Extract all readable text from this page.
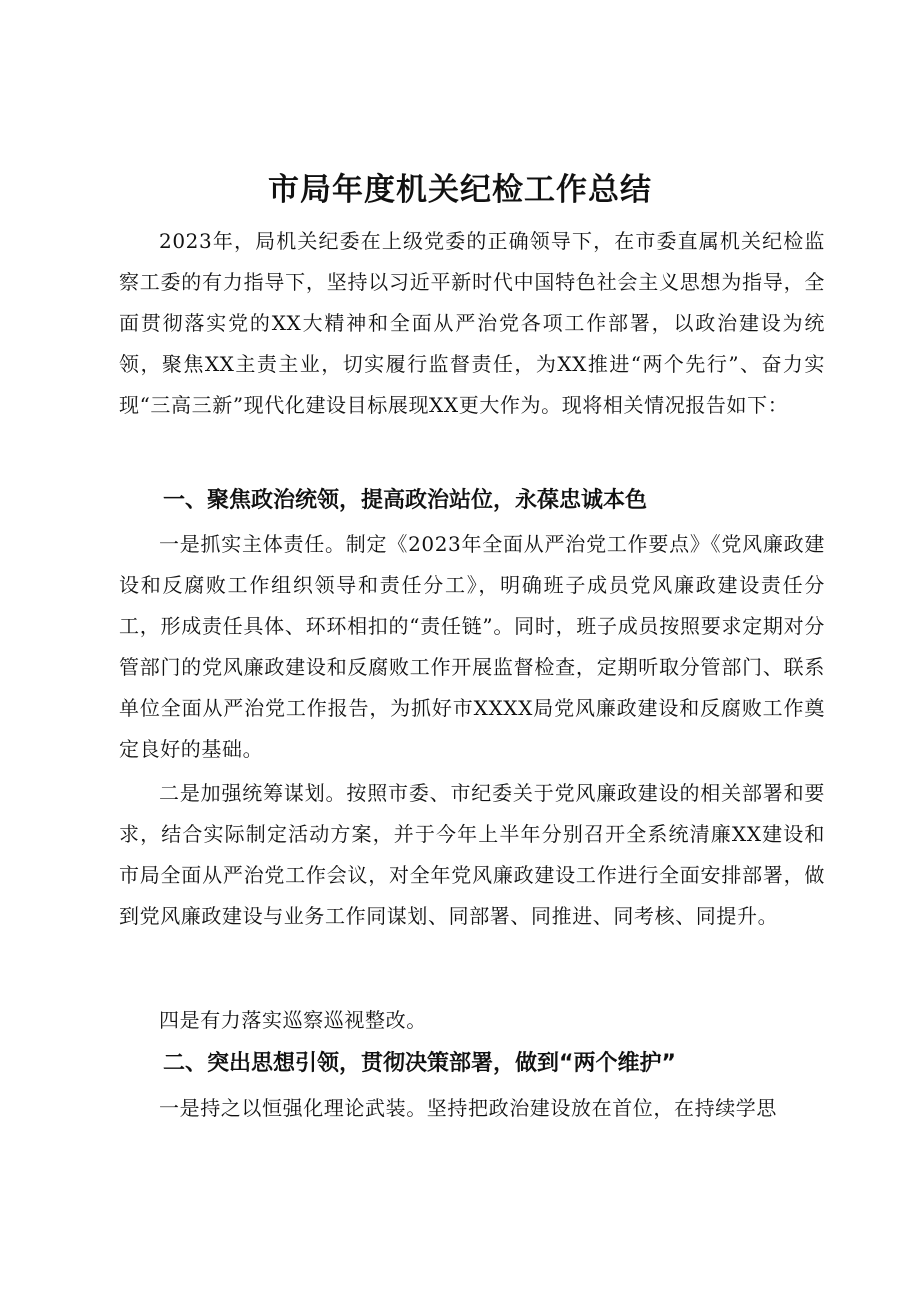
市局年度机关纪检工作总结

2023年，局机关纪委在上级党委的正确领导下，在市委直属机关纪检监察工委的有力指导下，坚持以习近平新时代中国特色社会主义思想为指导，全面贯彻落实党的XX大精神和全面从严治党各项工作部署，以政治建设为统领，聚焦XX主责主业，切实履行监督责任，为XX推进“两个先行”、奋力实现“三高三新”现代化建设目标展现XX更大作为。现将相关情况报告如下：

一、聚焦政治统领，提高政治站位，永葆忠诚本色

一是抓实主体责任。制定《2023年全面从严治党工作要点》《党风廉政建设和反腐败工作组织领导和责任分工》，明确班子成员党风廉政建设责任分工，形成责任具体、环环相扣的“责任链”。同时，班子成员按照要求定期对分管部门的党风廉政建设和反腐败工作开展监督检查，定期听取分管部门、联系单位全面从严治党工作报告，为抓好市XXXX局党风廉政建设和反腐败工作奠定良好的基础。

二是加强统筹谋划。按照市委、市纪委关于党风廉政建设的相关部署和要求，结合实际制定活动方案，并于今年上半年分别召开全系统清廉XX建设和市局全面从严治党工作会议，对全年党风廉政建设工作进行全面安排部署，做到党风廉政建设与业务工作同谋划、同部署、同推进、同考核、同提升。

四是有力落实巡察巡视整改。

二、突出思想引领，贯彻决策部署，做到“两个维护”

一是持之以恒强化理论武装。坚持把政治建设放在首位，在持续学思
